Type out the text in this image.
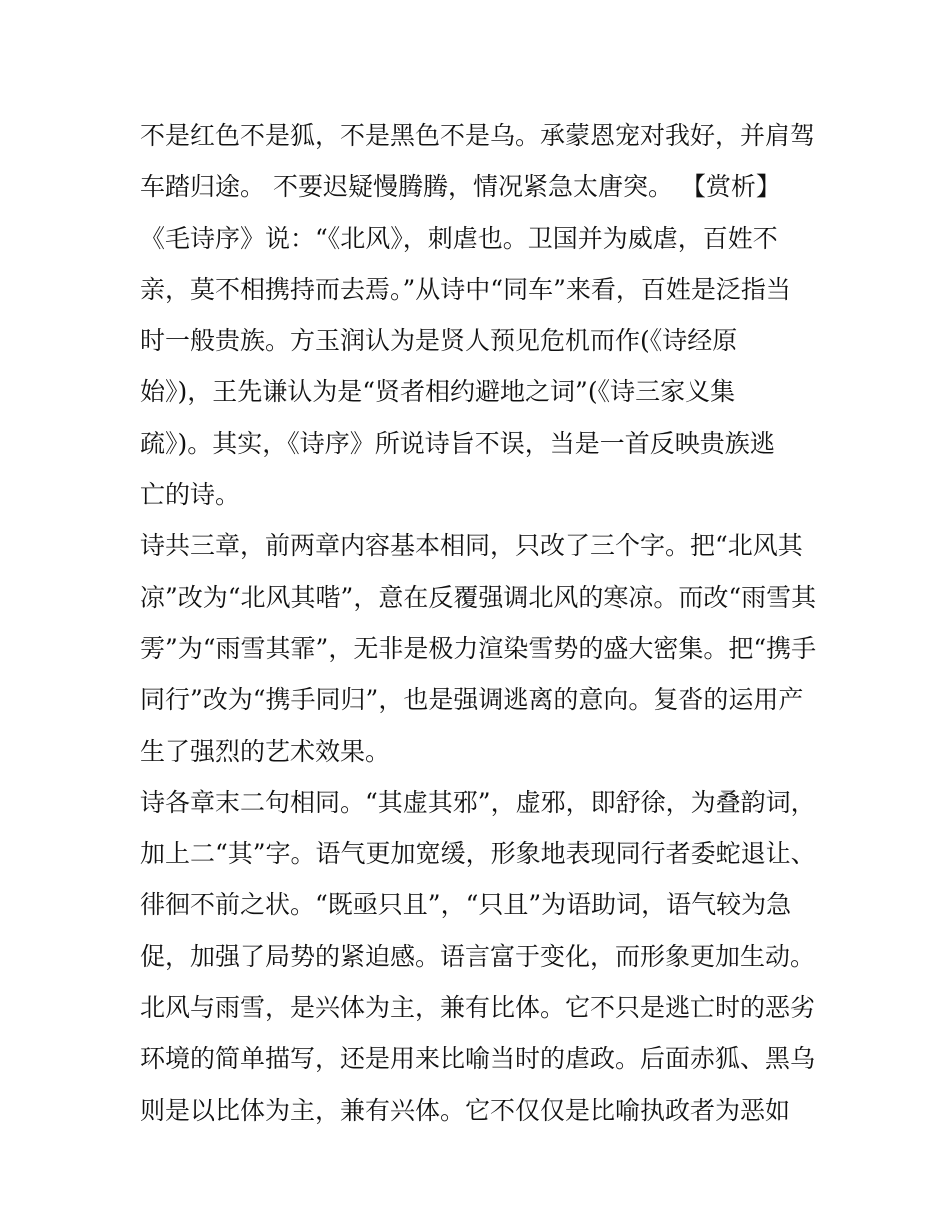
不是红色不是狐，不是黑色不是乌。承蒙恩宠对我好，并肩驾
车踏归途。 不要迟疑慢腾腾，情况紧急太唐突。 【赏析】
《毛诗序》说：“《北风》，刺虐也。卫国并为威虐，百姓不
亲，莫不相携持而去焉。”从诗中“同车”来看，百姓是泛指当
时一般贵族。方玉润认为是贤人预见危机而作(《诗经原
始》)，王先谦认为是“贤者相约避地之词”(《诗三家义集
疏》)。其实，《诗序》所说诗旨不误，当是一首反映贵族逃
亡的诗。
诗共三章，前两章内容基本相同，只改了三个字。把“北风其
凉”改为“北风其喈”，意在反覆强调北风的寒凉。而改“雨雪其
雱”为“雨雪其霏”，无非是极力渲染雪势的盛大密集。把“携手
同行”改为“携手同归”，也是强调逃离的意向。复沓的运用产
生了强烈的艺术效果。
诗各章末二句相同。“其虚其邪”，虚邪，即舒徐，为叠韵词，
加上二“其”字。语气更加宽缓，形象地表现同行者委蛇退让、
徘徊不前之状。“既亟只且”，“只且”为语助词，语气较为急
促，加强了局势的紧迫感。语言富于变化，而形象更加生动。
北风与雨雪，是兴体为主，兼有比体。它不只是逃亡时的恶劣
环境的简单描写，还是用来比喻当时的虐政。后面赤狐、黑乌
则是以比体为主，兼有兴体。它不仅仅是比喻执政者为恶如
